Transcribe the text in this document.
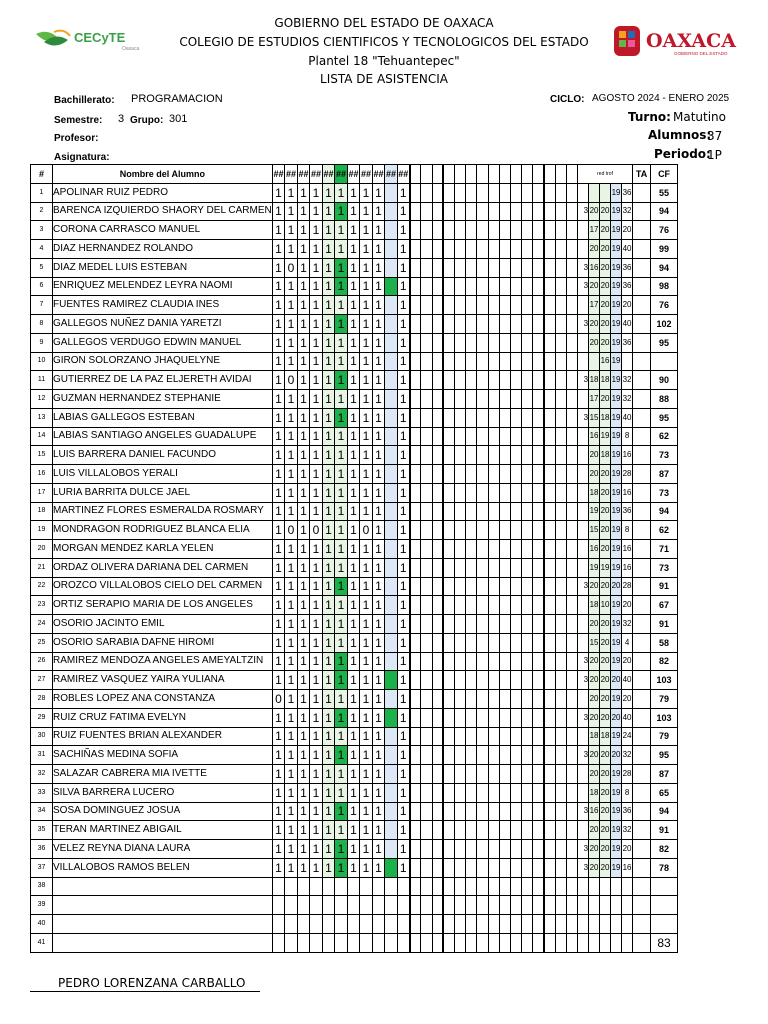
CECyTE
Oaxaca
GOBIERNO DEL ESTADO DE OAXACA
COLEGIO DE ESTUDIOS CIENTIFICOS Y TECNOLOGICOS DEL ESTADO
Plantel 18 "Tehuantepec"
LISTA DE ASISTENCIA
OAXACA
GOBIERNO DEL ESTADO
Bachillerato: PROGRAMACION
Semestre: 3 Grupo: 301
Profesor:
Asignatura:
CICLO: AGOSTO 2024 - ENERO 2025
Turno: Matutino
Alumnos:
37
Periodo:
1P
#	Nombre del Alumno	##	##	##	##	##	##	##	##	##	##	##																red trof					TA	CF
1	APOLINAR RUIZ PEDRO	1	1	1	1	1	1	1	1	1		1																			19	36		55
2	BARENCA IZQUIERDO SHAORY DEL CARMEN	1	1	1	1	1	1	1	1	1		1																3	20	20	19	32		94
3	CORONA CARRASCO MANUEL	1	1	1	1	1	1	1	1	1		1																	17	20	19	20		76
4	DIAZ HERNANDEZ ROLANDO	1	1	1	1	1	1	1	1	1		1																	20	20	19	40		99
5	DIAZ MEDEL LUIS ESTEBAN	1	0	1	1	1	1	1	1	1		1																3	16	20	19	36		94
6	ENRIQUEZ MELENDEZ LEYRA NAOMI	1	1	1	1	1	1	1	1	1		1																3	20	20	19	36		98
7	FUENTES RAMIREZ CLAUDIA INES	1	1	1	1	1	1	1	1	1		1																	17	20	19	20		76
8	GALLEGOS NUÑEZ DANIA YARETZI	1	1	1	1	1	1	1	1	1		1																3	20	20	19	40		102
9	GALLEGOS VERDUGO EDWIN MANUEL	1	1	1	1	1	1	1	1	1		1																	20	20	19	36		95
10	GIRON SOLORZANO JHAQUELYNE	1	1	1	1	1	1	1	1	1		1																		16	19			
11	GUTIERREZ DE LA PAZ ELJERETH AVIDAI	1	0	1	1	1	1	1	1	1		1																3	18	18	19	32		90
12	GUZMAN HERNANDEZ STEPHANIE	1	1	1	1	1	1	1	1	1		1																	17	20	19	32		88
13	LABIAS GALLEGOS ESTEBAN	1	1	1	1	1	1	1	1	1		1																3	15	18	19	40		95
14	LABIAS SANTIAGO ANGELES GUADALUPE	1	1	1	1	1	1	1	1	1		1																	16	19	19	8		62
15	LUIS BARRERA DANIEL FACUNDO	1	1	1	1	1	1	1	1	1		1																	20	18	19	16		73
16	LUIS VILLALOBOS YERALI	1	1	1	1	1	1	1	1	1		1																	20	20	19	28		87
17	LURIA BARRITA DULCE JAEL	1	1	1	1	1	1	1	1	1		1																	18	20	19	16		73
18	MARTINEZ FLORES ESMERALDA ROSMARY	1	1	1	1	1	1	1	1	1		1																	19	20	19	36		94
19	MONDRAGON RODRIGUEZ BLANCA ELIA	1	0	1	0	1	1	1	0	1		1																	15	20	19	8		62
20	MORGAN MENDEZ KARLA YELEN	1	1	1	1	1	1	1	1	1		1																	16	20	19	16		71
21	ORDAZ OLIVERA DARIANA DEL CARMEN	1	1	1	1	1	1	1	1	1		1																	19	19	19	16		73
22	OROZCO VILLALOBOS CIELO DEL CARMEN	1	1	1	1	1	1	1	1	1		1																3	20	20	20	28		91
23	ORTIZ SERAPIO MARIA DE LOS ANGELES	1	1	1	1	1	1	1	1	1		1																	18	10	19	20		67
24	OSORIO JACINTO EMIL	1	1	1	1	1	1	1	1	1		1																	20	20	19	32		91
25	OSORIO SARABIA DAFNE HIROMI	1	1	1	1	1	1	1	1	1		1																	15	20	19	4		58
26	RAMIREZ MENDOZA ANGELES AMEYALTZIN	1	1	1	1	1	1	1	1	1		1																3	20	20	19	20		82
27	RAMIREZ VASQUEZ YAIRA YULIANA	1	1	1	1	1	1	1	1	1		1																3	20	20	20	40		103
28	ROBLES LOPEZ ANA CONSTANZA	0	1	1	1	1	1	1	1	1		1																	20	20	19	20		79
29	RUIZ CRUZ FATIMA EVELYN	1	1	1	1	1	1	1	1	1		1																3	20	20	20	40		103
30	RUIZ FUENTES BRIAN ALEXANDER	1	1	1	1	1	1	1	1	1		1																	18	18	19	24		79
31	SACHIÑAS MEDINA SOFIA	1	1	1	1	1	1	1	1	1		1																3	20	20	20	32		95
32	SALAZAR CABRERA MIA IVETTE	1	1	1	1	1	1	1	1	1		1																	20	20	19	28		87
33	SILVA BARRERA LUCERO	1	1	1	1	1	1	1	1	1		1																	18	20	19	8		65
34	SOSA DOMINGUEZ JOSUA	1	1	1	1	1	1	1	1	1		1																3	16	20	19	36		94
35	TERAN MARTINEZ ABIGAIL	1	1	1	1	1	1	1	1	1		1																	20	20	19	32		91
36	VELEZ REYNA DIANA LAURA	1	1	1	1	1	1	1	1	1		1																3	20	20	19	20		82
37	VILLALOBOS RAMOS BELEN	1	1	1	1	1	1	1	1	1		1																3	20	20	19	16		78
38																																		
39																																		
40																																		
41																																		83
PEDRO LORENZANA CARBALLO
